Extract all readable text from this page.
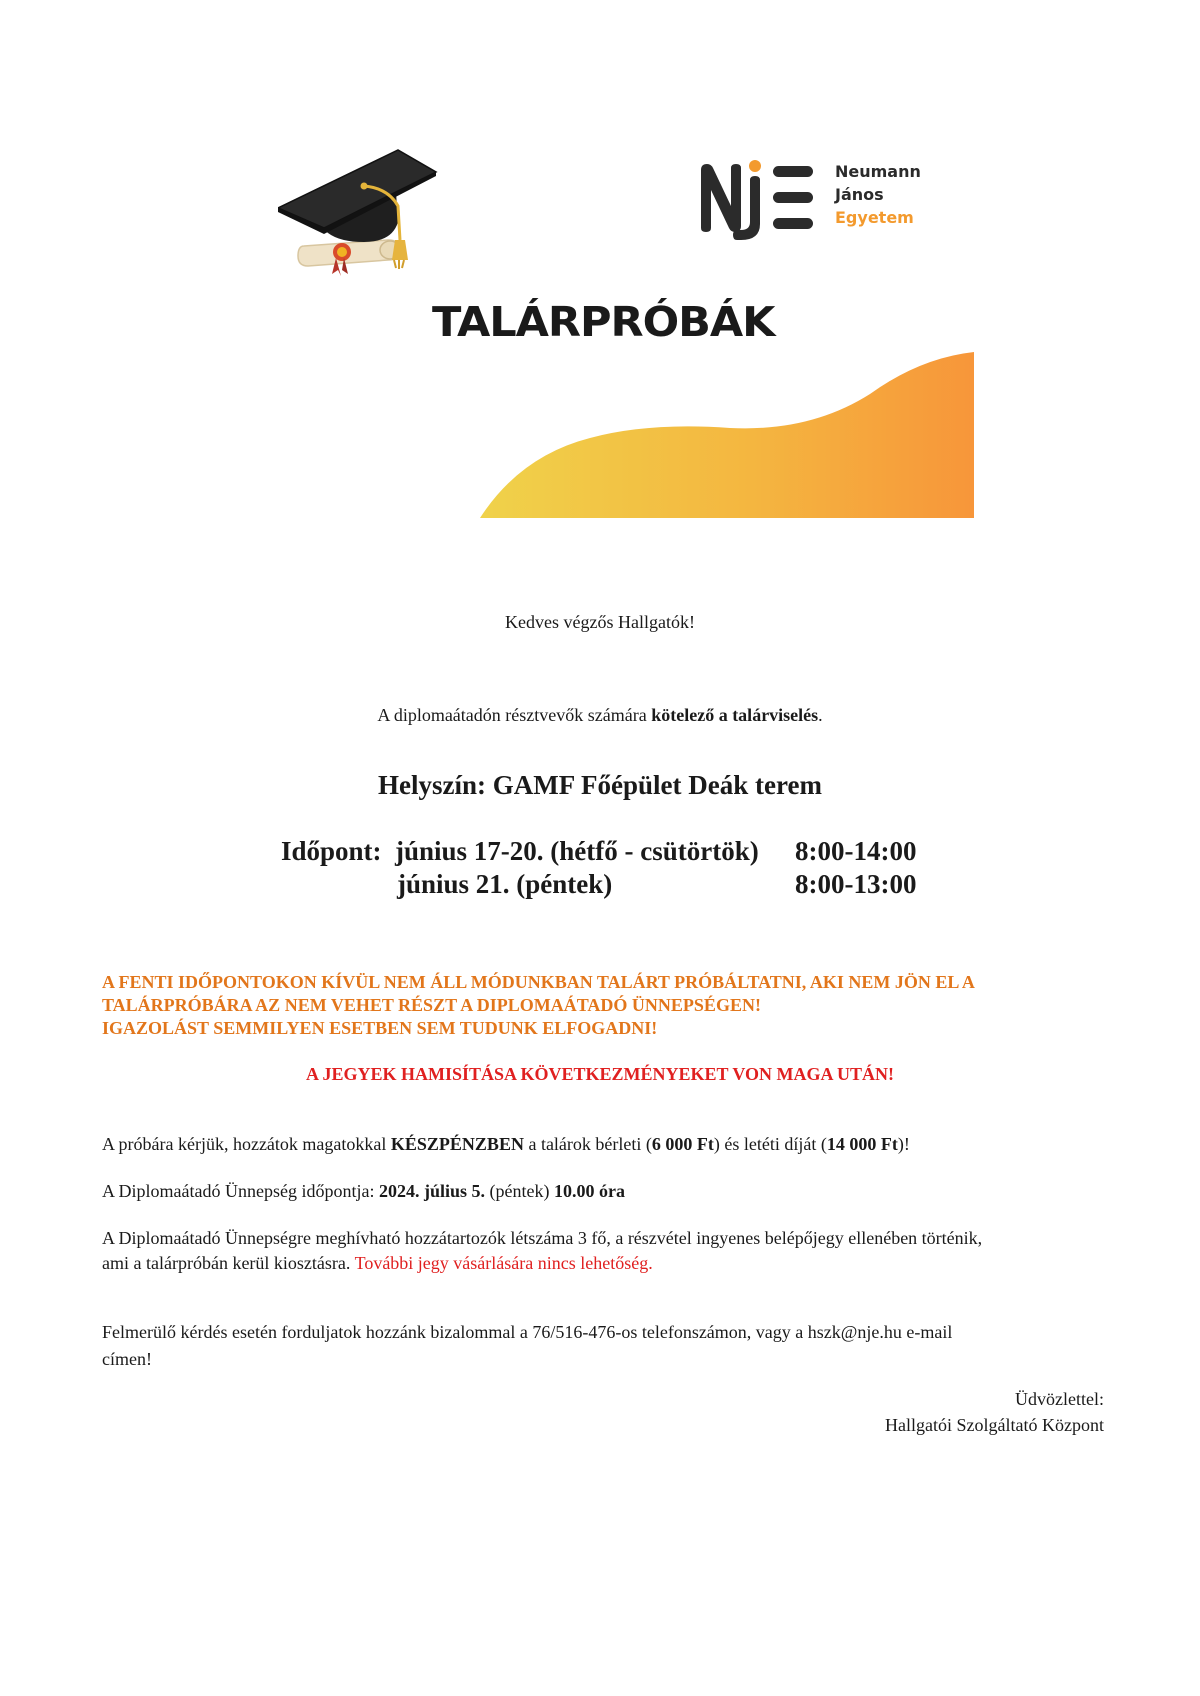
Neumann
János
Egyetem
TALÁRPRÓBÁK
Kedves végzős Hallgatók!
A diplomaátadón résztvevők számára kötelező a talárviselés.
Helyszín: GAMF Főépület Deák terem
Időpont: június 17-20. (hétfő - csütörtök) 8:00-14:00
június 21. (péntek)	8:00-13:00
A FENTI IDŐPONTOKON KÍVÜL NEM ÁLL MÓDUNKBAN TALÁRT PRÓBÁLTATNI, AKI NEM JÖN EL A
TALÁRPRÓBÁRA AZ NEM VEHET RÉSZT A DIPLOMAÁTADÓ ÜNNEPSÉGEN!
IGAZOLÁST SEMMILYEN ESETBEN SEM TUDUNK ELFOGADNI!
A JEGYEK HAMISÍTÁSA KÖVETKEZMÉNYEKET VON MAGA UTÁN!
A próbára kérjük, hozzátok magatokkal KÉSZPÉNZBEN a talárok bérleti (6 000 Ft) és letéti díját (14 000 Ft)!
A Diplomaátadó Ünnepség időpontja: 2024. július 5. (péntek) 10.00 óra
A Diplomaátadó Ünnepségre meghívható hozzátartozók létszáma 3 fő, a részvétel ingyenes belépőjegy ellenében történik,
ami a talárpróbán kerül kiosztásra. További jegy vásárlására nincs lehetőség.
Felmerülő kérdés esetén forduljatok hozzánk bizalommal a 76/516-476-os telefonszámon, vagy a hszk@nje.hu e-mail
címen!
Üdvözlettel:
Hallgatói Szolgáltató Központ
